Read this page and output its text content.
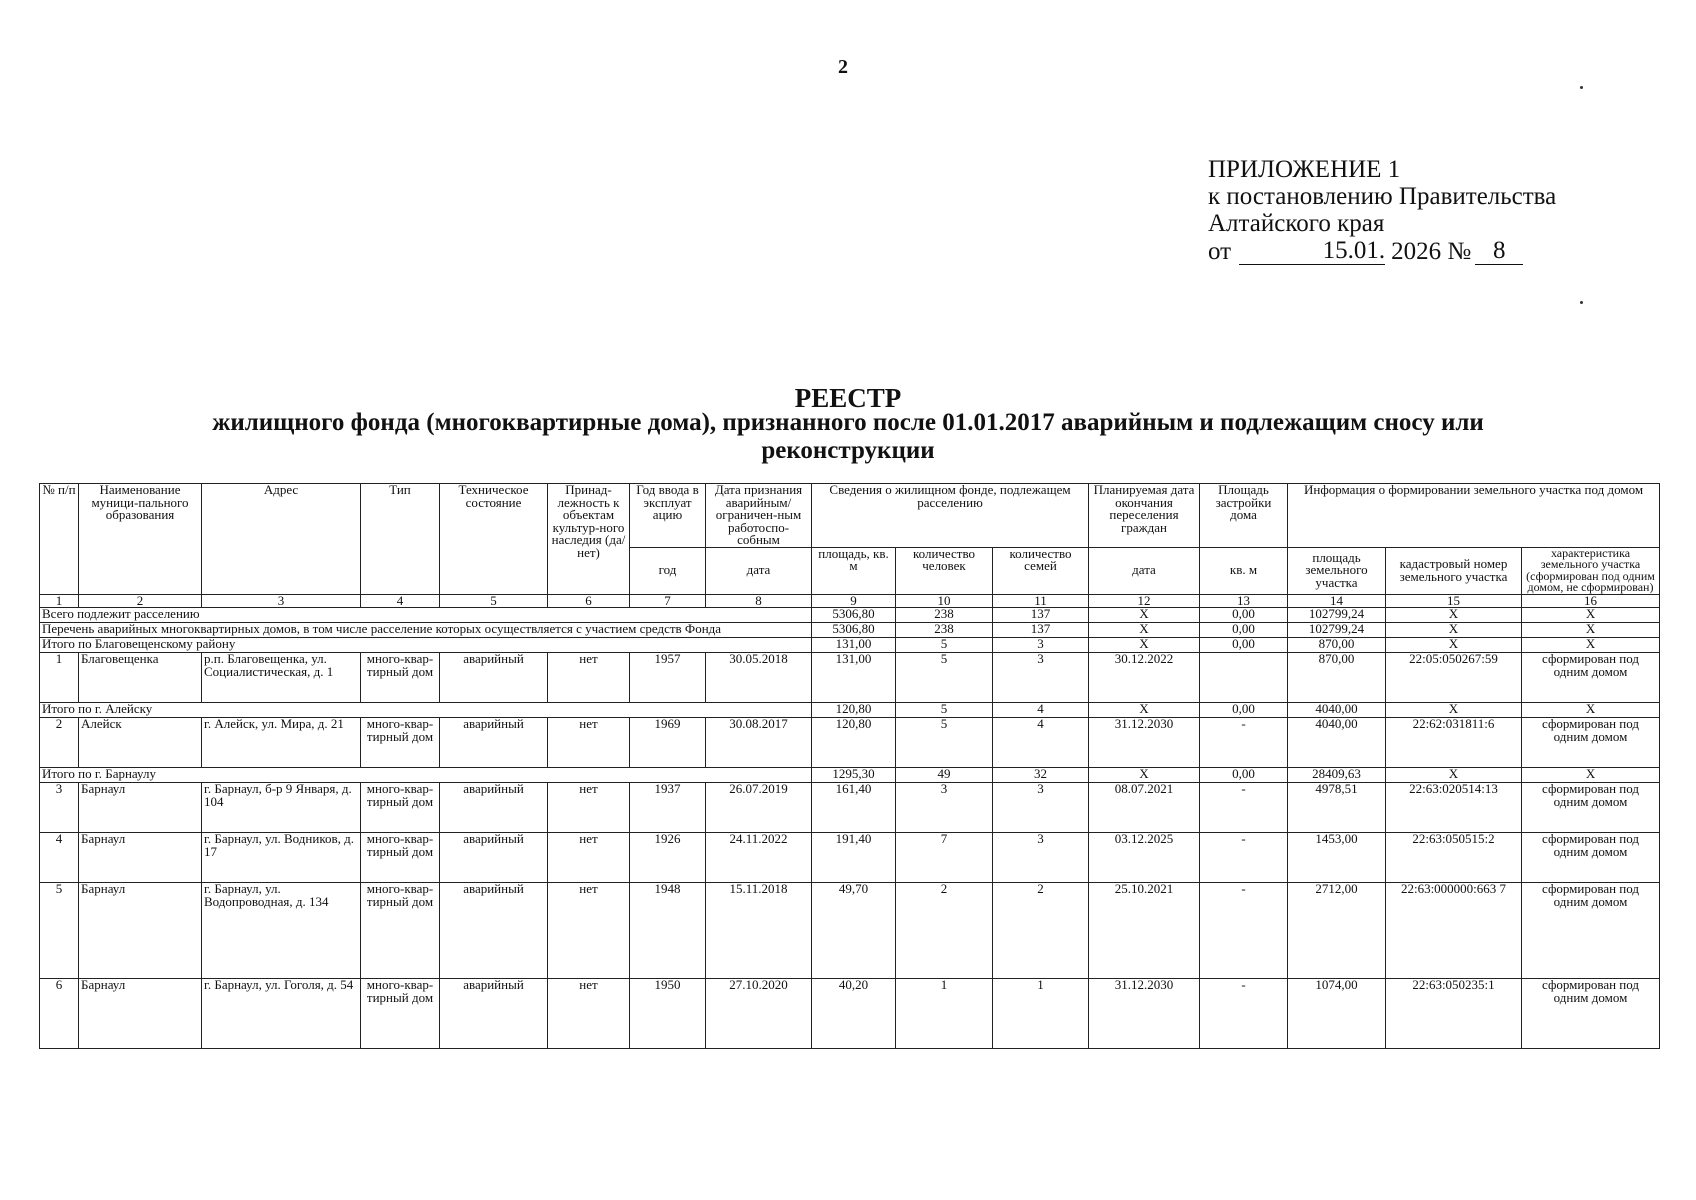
2
ПРИЛОЖЕНИЕ 1
к постановлению Правительства
Алтайского края
от	15.01. 2026 № 8
РЕЕСТР
жилищного фонда (многоквартирные дома), признанного после 01.01.2017 аварийным и подлежащим сносу или реконструкции
№ п/п	Наименование муници-пального образования	Адрес	Тип	Техническое состояние	Принад-лежность к объектам культур-ного наследия (да/нет)	Год ввода в эксплуат ацию	Дата признания аварийным/ ограничен-ным работоспо-собным	Сведения о жилищном фонде, подлежащем расселению			Планируемая дата окончания переселения граждан	Площадь застройки дома	Информация о формировании земельного участка под домом		
						год	дата	площадь, кв. м	количество человек	количество семей	дата	кв. м	площадь земельного участка	кадастровый номер земельного участка	характеристика земельного участка (сформирован под одним домом, не сформирован)
1	2	3	4	5	6	7	8	9	10	11	12	13	14	15	16
Всего подлежит расселению								5306,80	238	137	X	0,00	102799,24	X	X
Перечень аварийных многоквартирных домов, в том числе расселение которых осуществляется с участием средств Фонда								5306,80	238	137	X	0,00	102799,24	X	X
Итого по Благовещенскому району								131,00	5	3	X	0,00	870,00	X	X
1	Благовещенка	р.п. Благовещенка, ул. Социалистическая, д. 1	много-квар-тирный дом	аварийный	нет	1957	30.05.2018	131,00	5	3	30.12.2022		870,00	22:05:050267:59	сформирован под одним домом
Итого по г. Алейску								120,80	5	4	X	0,00	4040,00	X	X
2	Алейск	г. Алейск, ул. Мира, д. 21	много-квар-тирный дом	аварийный	нет	1969	30.08.2017	120,80	5	4	31.12.2030	-	4040,00	22:62:031811:6	сформирован под одним домом
Итого по г. Барнаулу								1295,30	49	32	X	0,00	28409,63	X	X
3	Барнаул	г. Барнаул, б-р 9 Января, д. 104	много-квар-тирный дом	аварийный	нет	1937	26.07.2019	161,40	3	3	08.07.2021	-	4978,51	22:63:020514:13	сформирован под одним домом
4	Барнаул	г. Барнаул, ул. Водников, д. 17	много-квар-тирный дом	аварийный	нет	1926	24.11.2022	191,40	7	3	03.12.2025	-	1453,00	22:63:050515:2	сформирован под одним домом
5	Барнаул	г. Барнаул, ул. Водопроводная, д. 134	много-квар-тирный дом	аварийный	нет	1948	15.11.2018	49,70	2	2	25.10.2021	-	2712,00	22:63:000000:663 7	сформирован под одним домом
6	Барнаул	г. Барнаул, ул. Гоголя, д. 54	много-квар-тирный дом	аварийный	нет	1950	27.10.2020	40,20	1	1	31.12.2030	-	1074,00	22:63:050235:1	сформирован под одним домом
